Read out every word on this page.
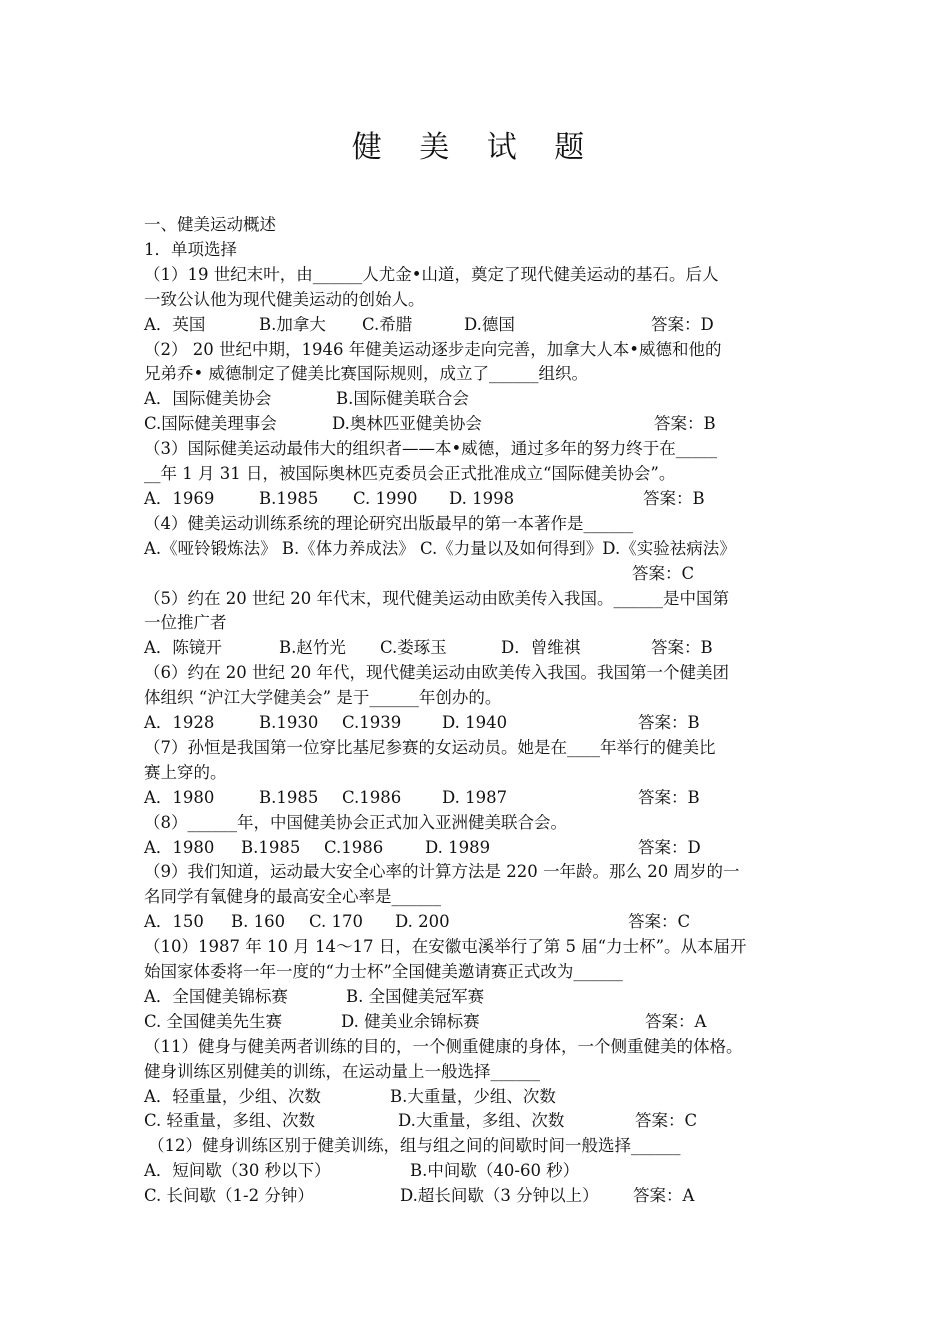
健 美 试 题
一、健美运动概述
1．单项选择
（1）19 世纪末叶，由______人尤金•山道，奠定了现代健美运动的基石。后人
一致公认他为现代健美运动的创始人。
A．英国	B.加拿大 C.希腊	D.德国	答案：D
（2） 20 世纪中期，1946 年健美运动逐步走向完善，加拿大人本•威德和他的
兄弟乔• 威德制定了健美比赛国际规则，成立了______组织。
A．国际健美协会	B.国际健美联合会
C.国际健美理事会	D.奥林匹亚健美协会	答案：B
（3）国际健美运动最伟大的组织者——本•威德，通过多年的努力终于在_____
__年 1 月 31 日，被国际奥林匹克委员会正式批准成立“国际健美协会”。
A．1969	B.1985 C. 1990 D. 1998	答案：B
（4）健美运动训练系统的理论研究出版最早的第一本著作是______
A.《哑铃锻炼法》 B.《体力养成法》 C.《力量以及如何得到》D.《实验祛病法》
答案：C
（5）约在 20 世纪 20 年代末，现代健美运动由欧美传入我国。______是中国第
一位推广者
A．陈镜开	B.赵竹光 C.娄琢玉	D．曾维祺	答案：B
（6）约在 20 世纪 20 年代，现代健美运动由欧美传入我国。我国第一个健美团
体组织 “沪江大学健美会” 是于______年创办的。
A．1928	B.1930 C.1939 D. 1940	答案：B
（7）孙恒是我国第一位穿比基尼参赛的女运动员。她是在____年举行的健美比
赛上穿的。
A．1980	B.1985 C.1986 D. 1987	答案：B
（8）______年，中国健美协会正式加入亚洲健美联合会。
A．1980 B.1985 C.1986	D. 1989	答案：D
（9）我们知道，运动最大安全心率的计算方法是 220 一年龄。那么 20 周岁的一
名同学有氧健身的最高安全心率是______
A．150 B. 160 C. 170 D. 200	答案：C
（10）1987 年 10 月 14～17 日，在安徽屯溪举行了第 5 届“力士杯”。从本届开
始国家体委将一年一度的“力士杯”全国健美邀请赛正式改为______
A．全国健美锦标赛	B. 全国健美冠军赛
C. 全国健美先生赛	D. 健美业余锦标赛	答案：A
（11）健身与健美两者训练的目的，一个侧重健康的身体，一个侧重健美的体格。
健身训练区别健美的训练，在运动量上一般选择______
A．轻重量，少组、次数	B.大重量，少组、次数
C. 轻重量，多组、次数	D.大重量，多组、次数	答案：C
（12）健身训练区别于健美训练，组与组之间的间歇时间一般选择______
A．短间歇（30 秒以下）	B.中间歇（40-60 秒）
C. 长间歇（1-2 分钟）	D.超长间歇（3 分钟以上） 答案：A
